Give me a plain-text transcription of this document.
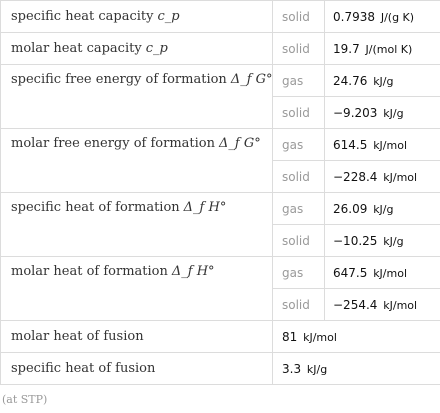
specific heat capacity c_p	solid	0.7938 J/(g K)
molar heat capacity c_p	solid	19.7 J/(mol K)
specific free energy of formation Δ_f G°	gas	24.76 kJ/g
	solid	−9.203 kJ/g
molar free energy of formation Δ_f G°	gas	614.5 kJ/mol
	solid	−228.4 kJ/mol
specific heat of formation Δ_f H°	gas	26.09 kJ/g
	solid	−10.25 kJ/g
molar heat of formation Δ_f H°	gas	647.5 kJ/mol
	solid	−254.4 kJ/mol
molar heat of fusion	81 kJ/mol	
specific heat of fusion	3.3 kJ/g	
(at STP)
